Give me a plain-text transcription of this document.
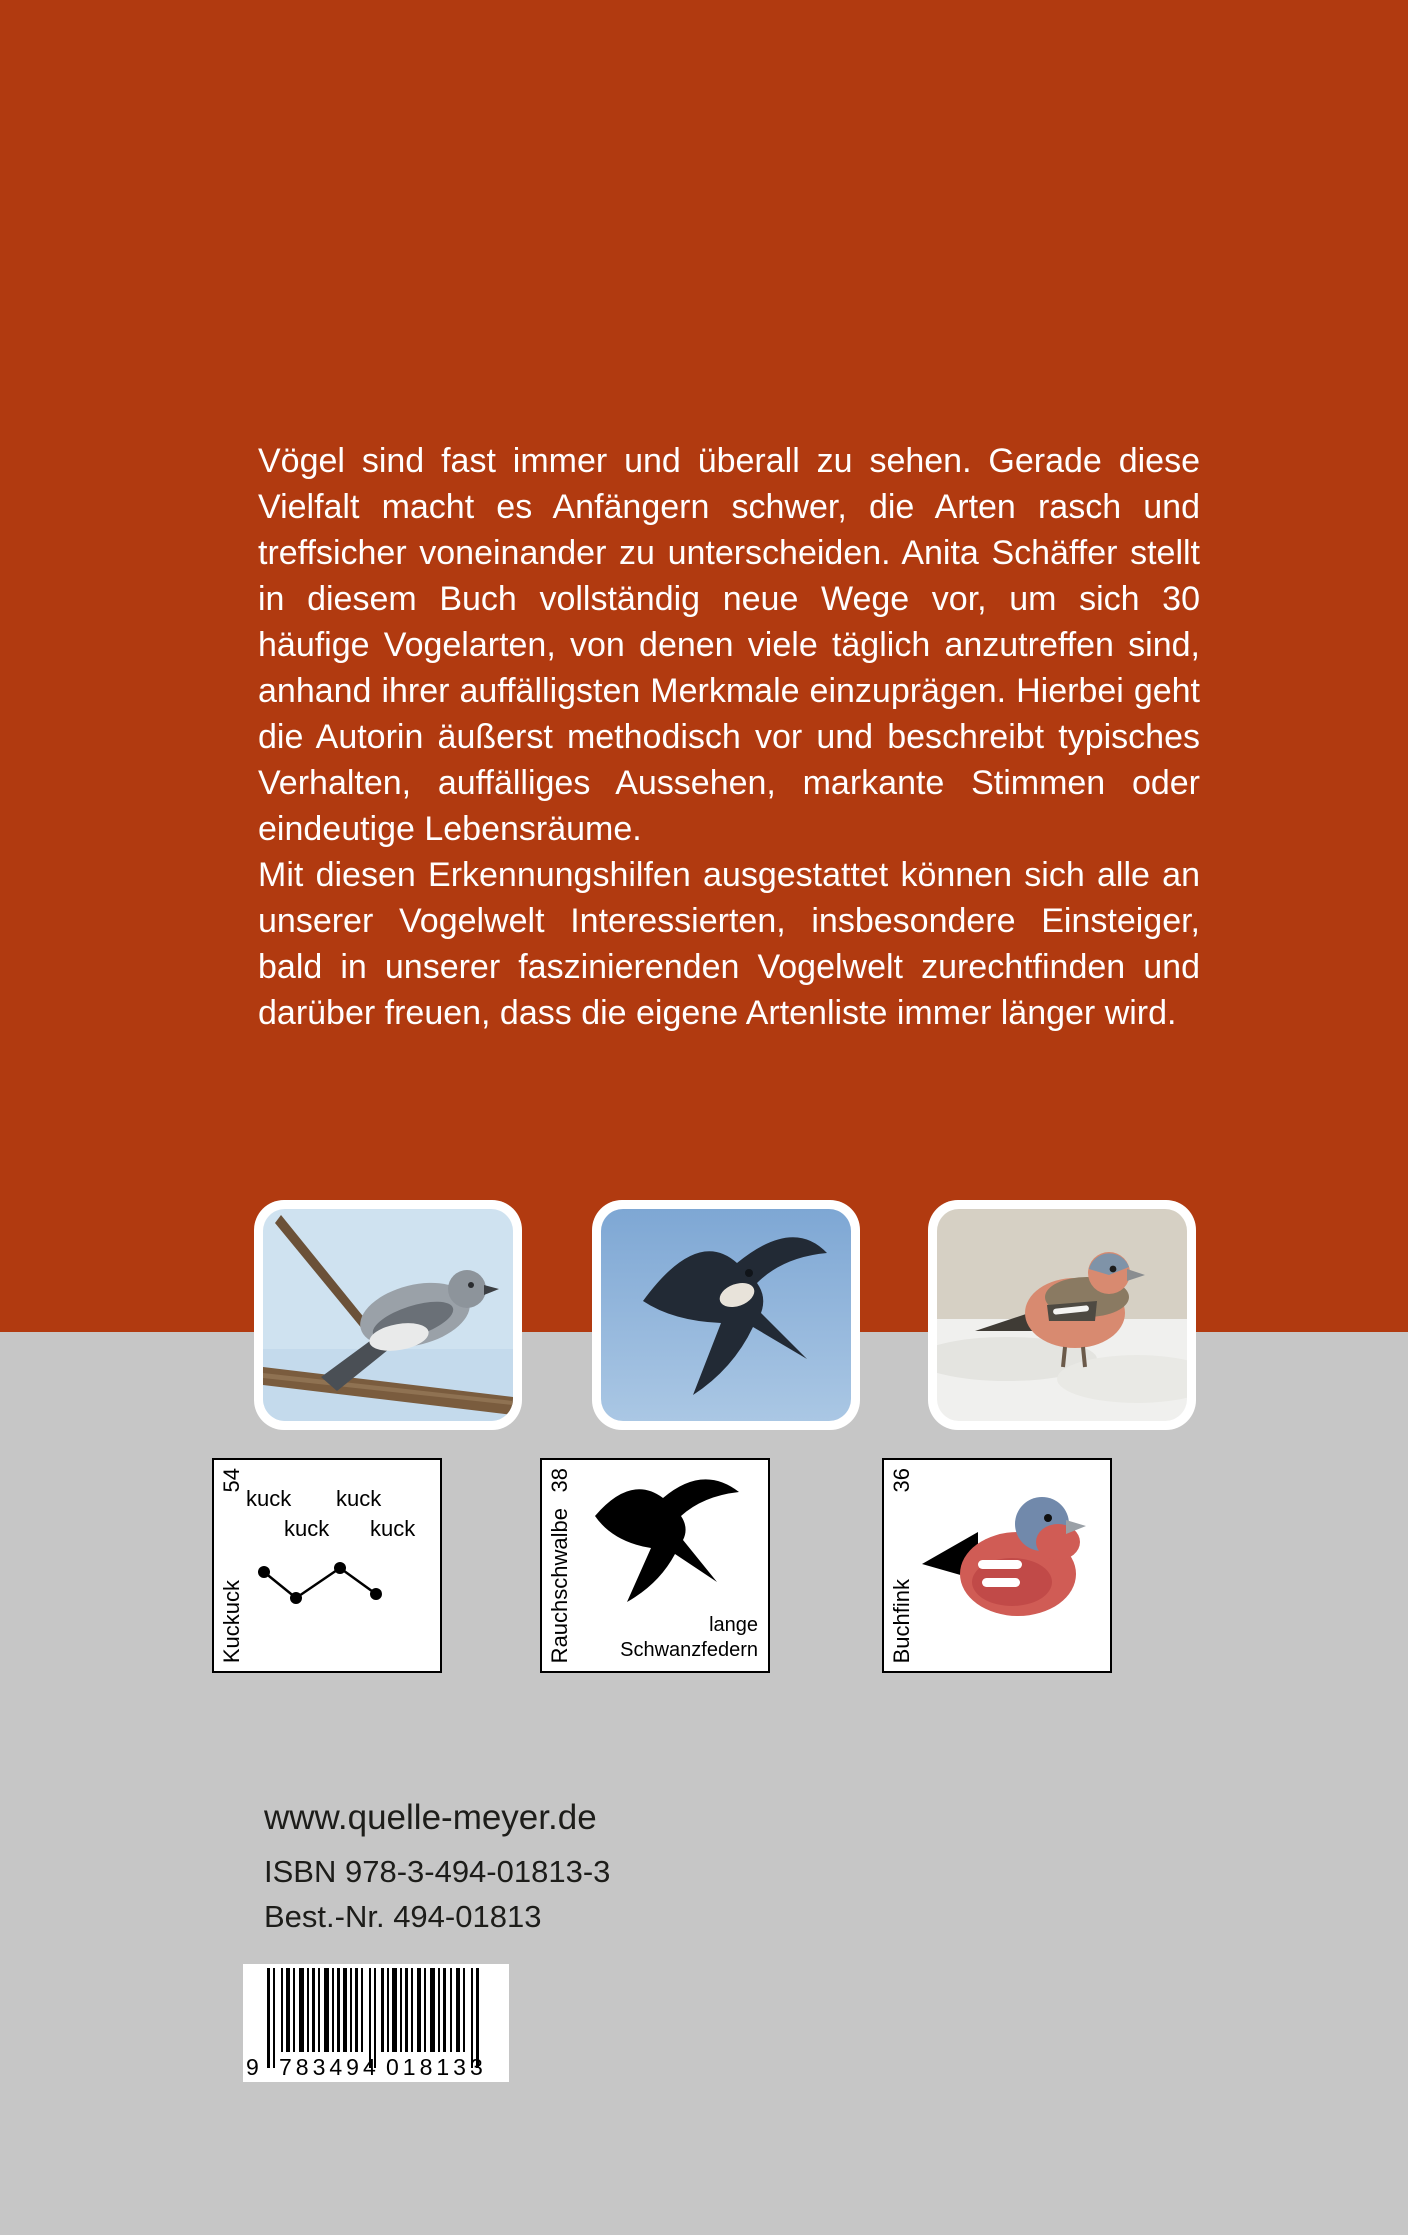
Vögel sind fast immer und überall zu sehen. Gerade diese Vielfalt macht es Anfängern schwer, die Arten rasch und treffsicher voneinander zu unterscheiden. Anita Schäffer stellt in diesem Buch vollständig neue Wege vor, um sich 30 häufige Vogelarten, von denen viele täglich anzutreffen sind, anhand ihrer auffälligsten Merkmale einzuprägen. Hierbei geht die Autorin äußerst methodisch vor und beschreibt typisches Verhalten, auffälliges Aussehen, markante Stimmen oder eindeutige Lebensräume.

Mit diesen Erkennungshilfen ausgestattet können sich alle an unserer Vogelwelt Interessierten, insbesondere Einsteiger, bald in unserer faszinierenden Vogelwelt zurechtfinden und darüber freuen, dass die eigene Artenliste immer länger wird.

Kuckuck
54
kuck kuck
kuck kuck	Rauchschwalbe
38
lange
Schwanzfedern	Buchfink
36
www.quelle-meyer.de
ISBN 978-3-494-01813-3
Best.-Nr. 494-01813
9 783494 018133
